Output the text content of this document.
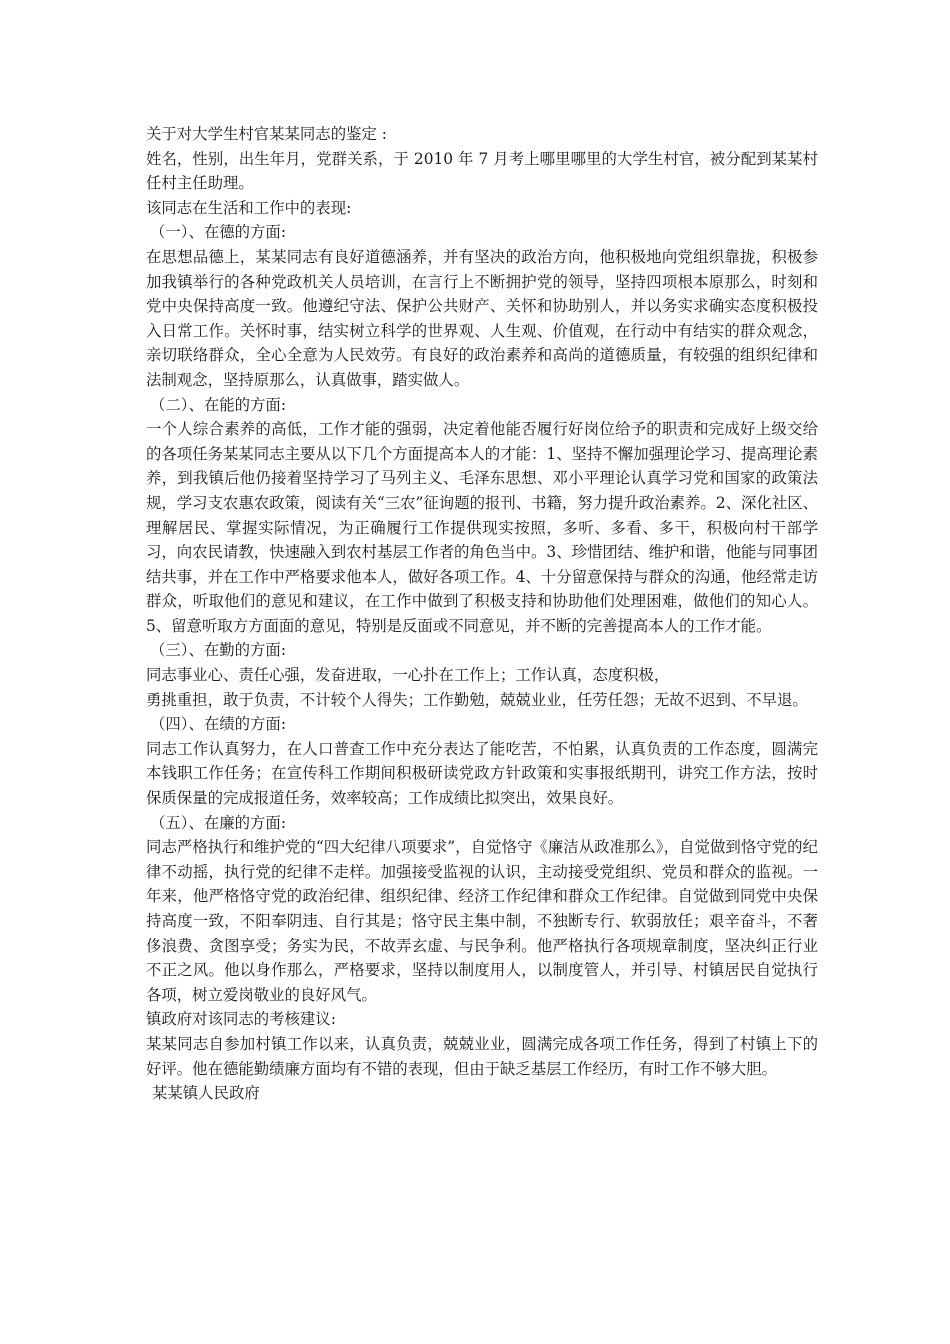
关于对大学生村官某某同志的鉴定 :

姓名，性别，出生年月，党群关系，于 2010 年 7 月考上哪里哪里的大学生村官，被分配到某某村任村主任助理。

该同志在生活和工作中的表现:

（一）、在德的方面:

在思想品德上，某某同志有良好道德涵养，并有坚决的政治方向，他积极地向党组织靠拢，积极参加我镇举行的各种党政机关人员培训，在言行上不断拥护党的领导，坚持四项根本原那么，时刻和党中央保持高度一致。他遵纪守法、保护公共财产、关怀和协助别人，并以务实求确实态度积极投入日常工作。关怀时事，结实树立科学的世界观、人生观、价值观，在行动中有结实的群众观念，亲切联络群众，全心全意为人民效劳。有良好的政治素养和高尚的道德质量，有较强的组织纪律和法制观念，坚持原那么，认真做事，踏实做人。

（二）、在能的方面:

一个人综合素养的高低，工作才能的强弱，决定着他能否履行好岗位给予的职责和完成好上级交给的各项任务某某同志主要从以下几个方面提高本人的才能：1、坚持不懈加强理论学习、提高理论素养，到我镇后他仍接着坚持学习了马列主义、毛泽东思想、邓小平理论认真学习党和国家的政策法规，学习支农惠农政策，阅读有关“三农”征询题的报刊、书籍，努力提升政治素养。2、深化社区、理解居民、掌握实际情况，为正确履行工作提供现实按照，多听、多看、多干，积极向村干部学习，向农民请教，快速融入到农村基层工作者的角色当中。3、珍惜团结、维护和谐，他能与同事团结共事，并在工作中严格要求他本人，做好各项工作。4、十分留意保持与群众的沟通，他经常走访群众，听取他们的意见和建议，在工作中做到了积极支持和协助他们处理困难，做他们的知心人。5、留意听取方方面面的意见，特别是反面或不同意见，并不断的完善提高本人的工作才能。

（三）、在勤的方面:

同志事业心、责任心强，发奋进取，一心扑在工作上；工作认真，态度积极，

勇挑重担，敢于负责，不计较个人得失；工作勤勉，兢兢业业，任劳任怨；无故不迟到、不早退。

（四）、在绩的方面:

同志工作认真努力，在人口普查工作中充分表达了能吃苦，不怕累，认真负责的工作态度，圆满完本钱职工作任务；在宣传科工作期间积极研读党政方针政策和实事报纸期刊，讲究工作方法，按时保质保量的完成报道任务，效率较高；工作成绩比拟突出，效果良好。

（五）、在廉的方面:

同志严格执行和维护党的“四大纪律八项要求”，自觉恪守《廉洁从政准那么》，自觉做到恪守党的纪律不动摇，执行党的纪律不走样。加强接受监视的认识，主动接受党组织、党员和群众的监视。一年来，他严格恪守党的政治纪律、组织纪律、经济工作纪律和群众工作纪律。自觉做到同党中央保持高度一致，不阳奉阴违、自行其是；恪守民主集中制，不独断专行、软弱放任；艰辛奋斗，不奢侈浪费、贪图享受；务实为民，不故弄玄虚、与民争利。他严格执行各项规章制度，坚决纠正行业不正之风。他以身作那么，严格要求，坚持以制度用人，以制度管人，并引导、村镇居民自觉执行各项，树立爱岗敬业的良好风气。

镇政府对该同志的考核建议:

某某同志自参加村镇工作以来，认真负责，兢兢业业，圆满完成各项工作任务，得到了村镇上下的好评。他在德能勤绩廉方面均有不错的表现，但由于缺乏基层工作经历，有时工作不够大胆。

某某镇人民政府
